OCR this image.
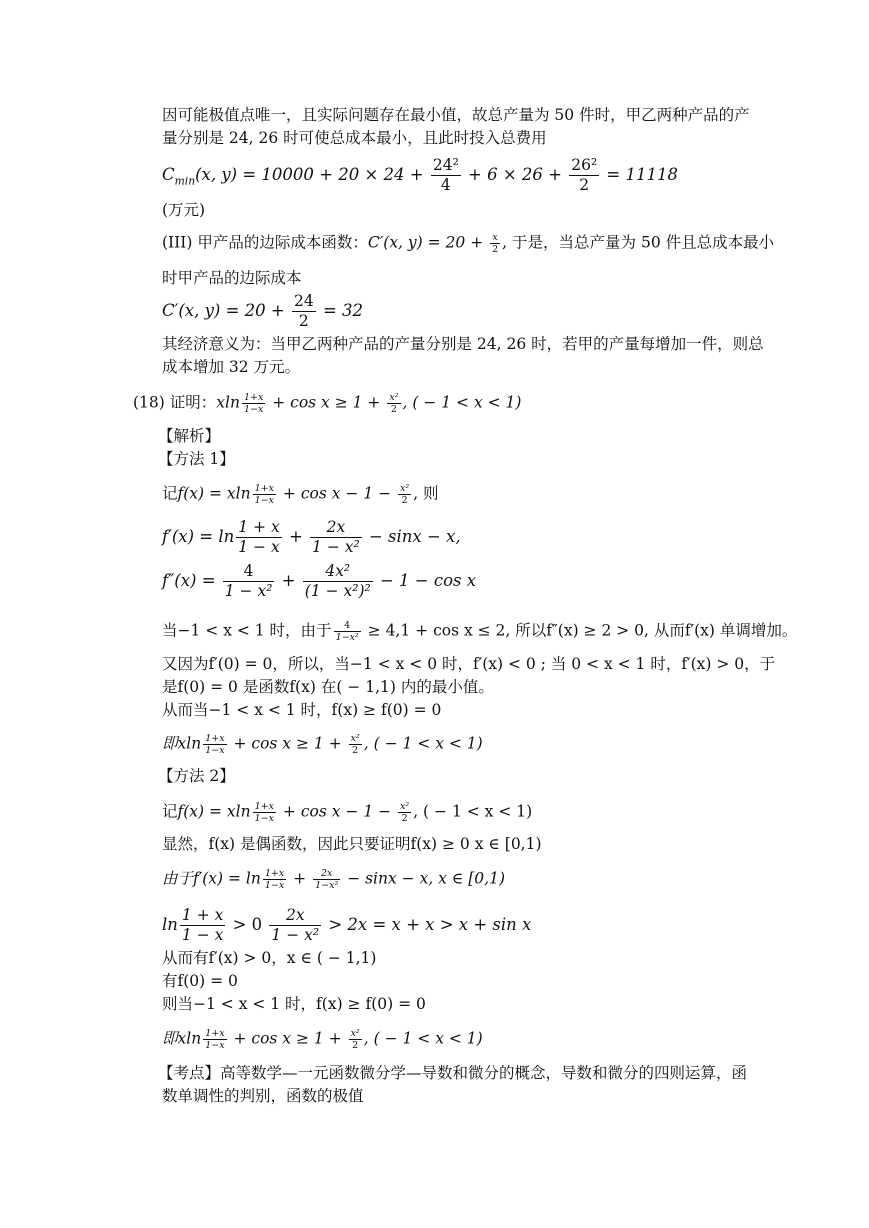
因可能极值点唯一，且实际问题存在最小值，故总产量为 50 件时，甲乙两种产品的产
量分别是 24, 26 时可使总成本最小，且此时投入总费用
$C_{min}(x$, $y) = 10000 + 20 \times 24 + \frac{\text{24²}}{4} + 6 \times 26 + \frac{\text{26²}}{2} = 11118$
(万元)
(III) 甲产品的边际成本函数：C′(x, $y) = 20 + \frac{x}{2}$ , 于是，当总产量为 50 件且总成本最小
时甲产品的边际成本
C′(x, $y) = 20 + \frac{24}{2} = 32$
其经济意义为：当甲乙两种产品的产量分别是 24, 26 时，若甲的产量每增加一件，则总
成本增加 32 万元。
(18) 证明：xln $\frac{1+x}{1-x} + \cos x \ge 1 + \frac{\text{x²}}{2}$ , ( − 1 < x < 1)
【解析】
【方法 1】
记f(x) = xln $\frac{1+x}{1-x} + \cos x - 1 - \frac{\text{x²}}{2}$ , 则
$f'(x) = \ln \frac{1 + x}{1 - x} + \frac{2x}{\text{1 − x²}} - \sin x - x$,
$f''(x) = \frac{4}{\text{1 − x²}} + \frac{\text{4x²}}{\text{(1 − x²)²}} - 1 - \cos x$
当−1 < x < 1 时，由于 $\frac{4}{\text{1−x²}} \ge 4,1 + \cos x \le 2$, 所以f″(x) ≥ 2 > 0, 从而f′(x) 单调增加。
又因为f′(0) = 0，所以，当−1 < x < 0 时，f′(x) < 0 ; 当 0 < x < 1 时，f′(x) > 0，于
是f(0) = 0 是函数f(x) 在( − 1,1) 内的最小值。
从而当−1 < x < 1 时，f(x) ≥ f(0) = 0
即xln $\frac{1+x}{1-x} + \cos x \ge 1 + \frac{\text{x²}}{2}$ , ( − 1 < x < 1)
【方法 2】
记f(x) = xln $\frac{1+x}{1-x} + \cos x - 1 - \frac{\text{x²}}{2}$ , ( − 1 < x < 1)
显然，f(x) 是偶函数，因此只要证明f(x) ≥ 0 x ∈ [0,1)
由于$f'(x) = \ln \frac{1+x}{1-x} + \frac{2x}{\text{1−x²}} - \sin x - x$, x ∈ [0,1)
$\ln \frac{1 + x}{1 - x} > 0 \frac{2x}{\text{1 − x²}} > 2x = x + x > x + \sin x$
从而有f′(x) > 0，x ∈ ( − 1,1)
有f(0) = 0
则当−1 < x < 1 时，f(x) ≥ f(0) = 0
即xln $\frac{1+x}{1-x} + \cos x \ge 1 + \frac{\text{x²}}{2}$ , ( − 1 < x < 1)
【考点】高等数学—一元函数微分学—导数和微分的概念，导数和微分的四则运算，函
数单调性的判别，函数的极值
